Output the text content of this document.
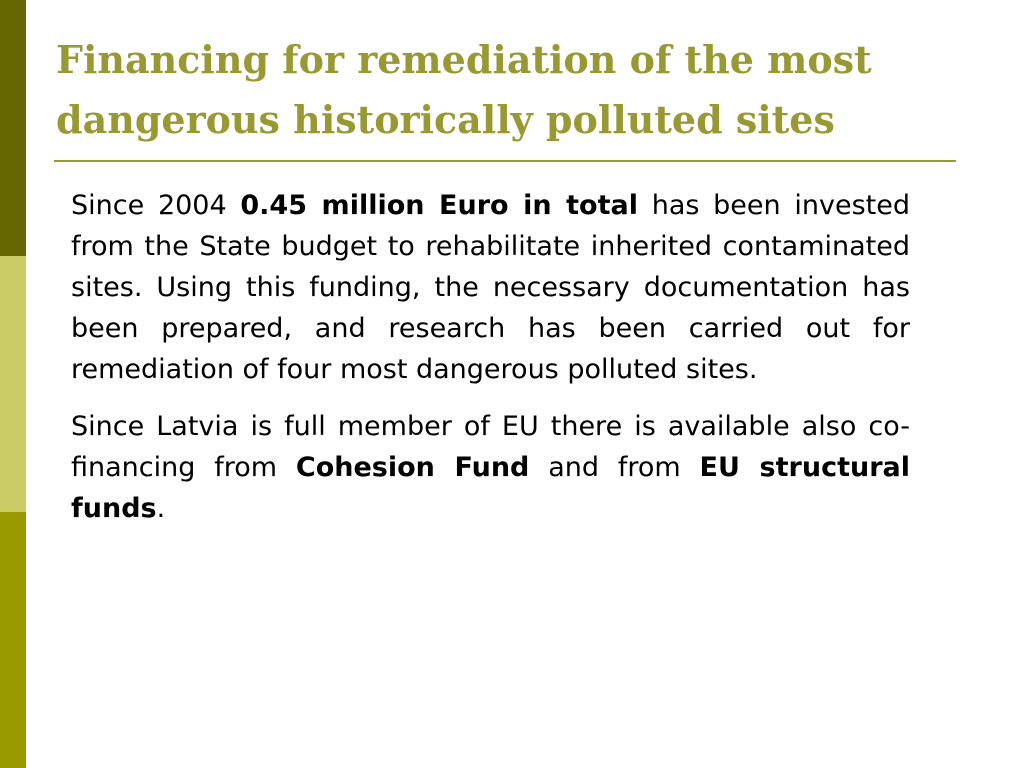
Financing for remediation of the most dangerous historically polluted sites

Since 2004 0.45 million Euro in total has been invested from the State budget to rehabilitate inherited contaminated sites. Using this funding, the necessary documentation has been prepared, and research has been carried out for remediation of four most dangerous polluted sites.

Since Latvia is full member of EU there is available also co-financing from Cohesion Fund and from EU structural funds.
